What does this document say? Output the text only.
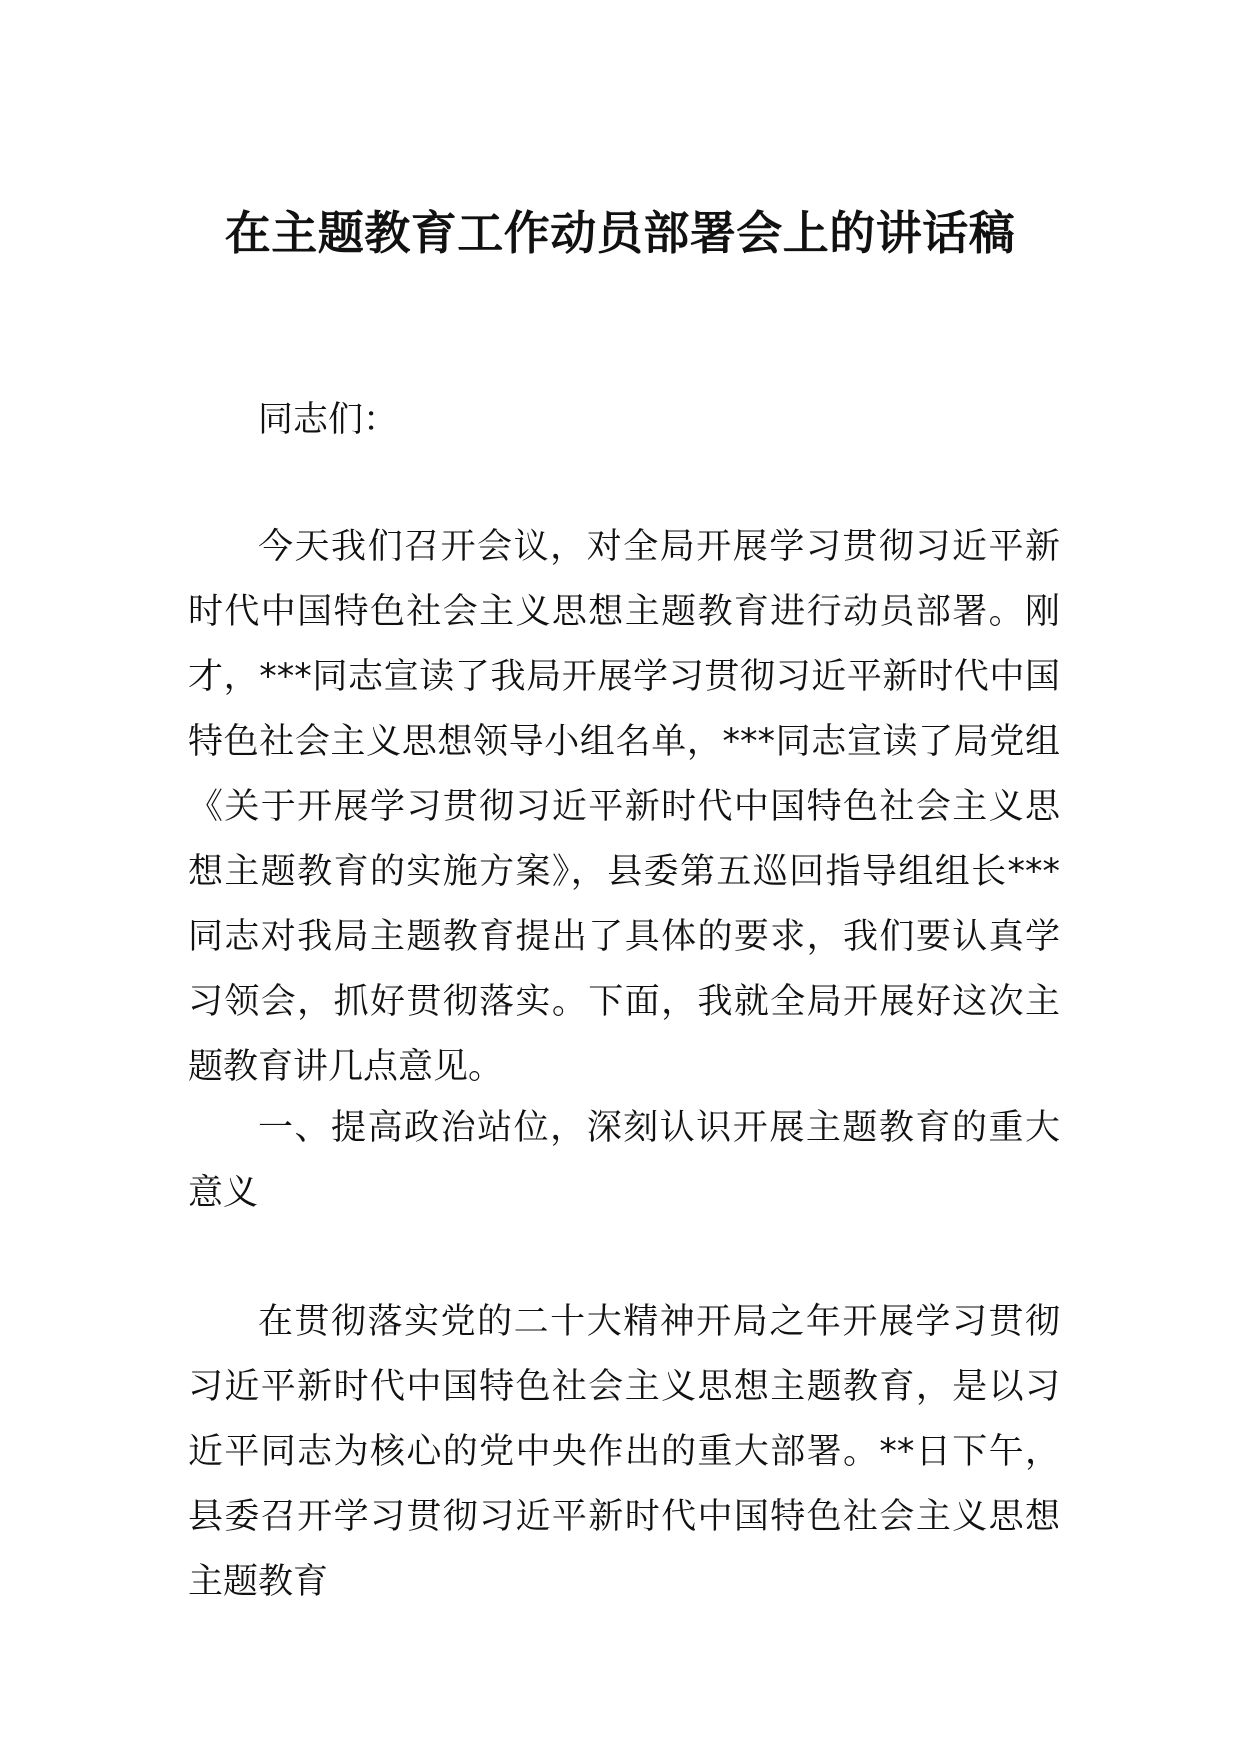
在主题教育工作动员部署会上的讲话稿

同志们：

今天我们召开会议，对全局开展学习贯彻习近平新时代中国特色社会主义思想主题教育进行动员部署。刚才，***同志宣读了我局开展学习贯彻习近平新时代中国特色社会主义思想领导小组名单，***同志宣读了局党组《关于开展学习贯彻习近平新时代中国特色社会主义思想主题教育的实施方案》，县委第五巡回指导组组长***同志对我局主题教育提出了具体的要求，我们要认真学习领会，抓好贯彻落实。下面，我就全局开展好这次主题教育讲几点意见。

一、提高政治站位，深刻认识开展主题教育的重大意义

在贯彻落实党的二十大精神开局之年开展学习贯彻习近平新时代中国特色社会主义思想主题教育，是以习近平同志为核心的党中央作出的重大部署。**日下午，县委召开学习贯彻习近平新时代中国特色社会主义思想主题教育
